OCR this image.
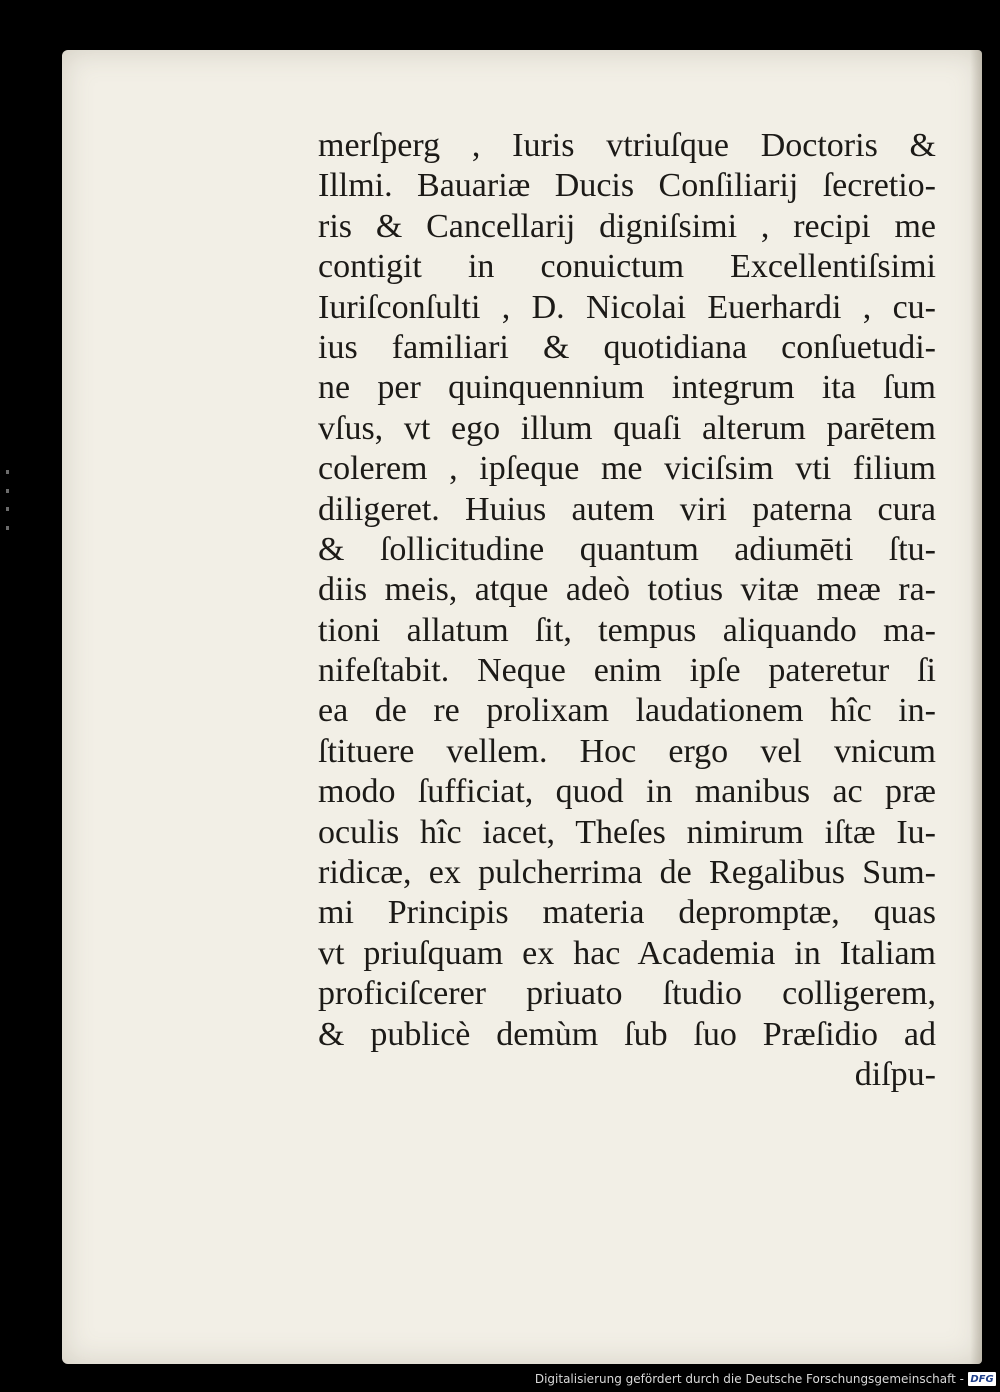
merſperg , Iuris vtriuſque Doctoris &
Illmi. Bauariæ Ducis Conſiliarij ſecretio-
ris & Cancellarij digniſsimi , recipi me
contigit in conuictum Excellentiſsimi
Iuriſconſulti , D. Nicolai Euerhardi , cu-
ius familiari & quotidiana conſuetudi-
ne per quinquennium integrum ita ſum
vſus, vt ego illum quaſi alterum parētem
colerem , ipſeque me viciſsim vti filium
diligeret. Huius autem viri paterna cura
& ſollicitudine quantum adiumēti ſtu-
diis meis, atque adeò totius vitæ meæ ra-
tioni allatum ſit, tempus aliquando ma-
nifeſtabit. Neque enim ipſe pateretur ſi
ea de re prolixam laudationem hîc in-
ſtituere vellem. Hoc ergo vel vnicum
modo ſufficiat, quod in manibus ac præ
oculis hîc iacet, Theſes nimirum iſtæ Iu-
ridicæ, ex pulcherrima de Regalibus Sum-
mi Principis materia depromptæ, quas
vt priuſquam ex hac Academia in Italiam
proficiſcerer priuato ſtudio colligerem,
& publicè demùm ſub ſuo Præſidio ad
diſpu-
Digitalisierung gefördert durch die Deutsche Forschungsgemeinschaft - DFG
